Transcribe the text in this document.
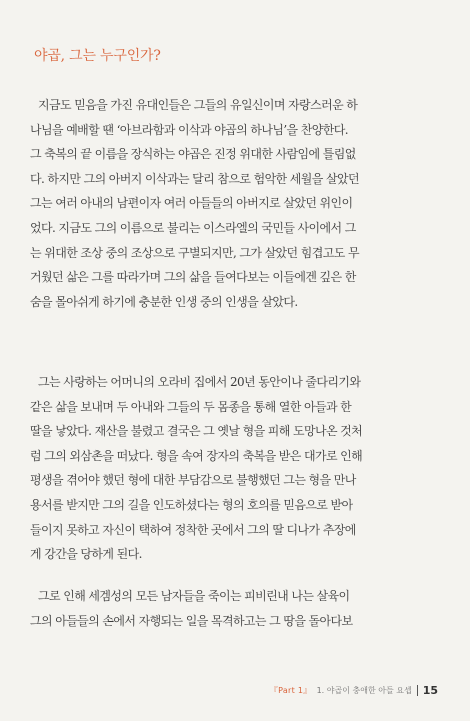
야곱, 그는 누구인가?
지금도 믿음을 가진 유대인들은 그들의 유일신이며 자랑스러운 하
나님을 예배할 땐 ‘아브라함과 이삭과 야곱의 하나님’을 찬양한다.
그 축복의 끝 이름을 장식하는 야곱은 진정 위대한 사람임에 틀림없
다. 하지만 그의 아버지 이삭과는 달리 참으로 험악한 세월을 살았던
그는 여러 아내의 남편이자 여러 아들들의 아버지로 살았던 위인이
었다. 지금도 그의 이름으로 불리는 이스라엘의 국민들 사이에서 그
는 위대한 조상 중의 조상으로 구별되지만, 그가 살았던 힘겹고도 무
거웠던 삶은 그를 따라가며 그의 삶을 들여다보는 이들에겐 깊은 한
숨을 몰아쉬게 하기에 충분한 인생 중의 인생을 살았다.
그는 사랑하는 어머니의 오라비 집에서 20년 동안이나 줄다리기와
같은 삶을 보내며 두 아내와 그들의 두 몸종을 통해 열한 아들과 한
딸을 낳았다. 재산을 불렸고 결국은 그 옛날 형을 피해 도망나온 것처
럼 그의 외삼촌을 떠났다. 형을 속여 장자의 축복을 받은 대가로 인해
평생을 겪어야 했던 형에 대한 부담감으로 불행했던 그는 형을 만나
용서를 받지만 그의 길을 인도하셨다는 형의 호의를 믿음으로 받아
들이지 못하고 자신이 택하여 정착한 곳에서 그의 딸 디나가 추장에
게 강간을 당하게 된다.
그로 인해 세겜성의 모든 남자들을 죽이는 피비린내 나는 살육이
그의 아들들의 손에서 자행되는 일을 목격하고는 그 땅을 돌아다보
『Part 1』 1. 야곱이 충애한 아들 요셉 15
